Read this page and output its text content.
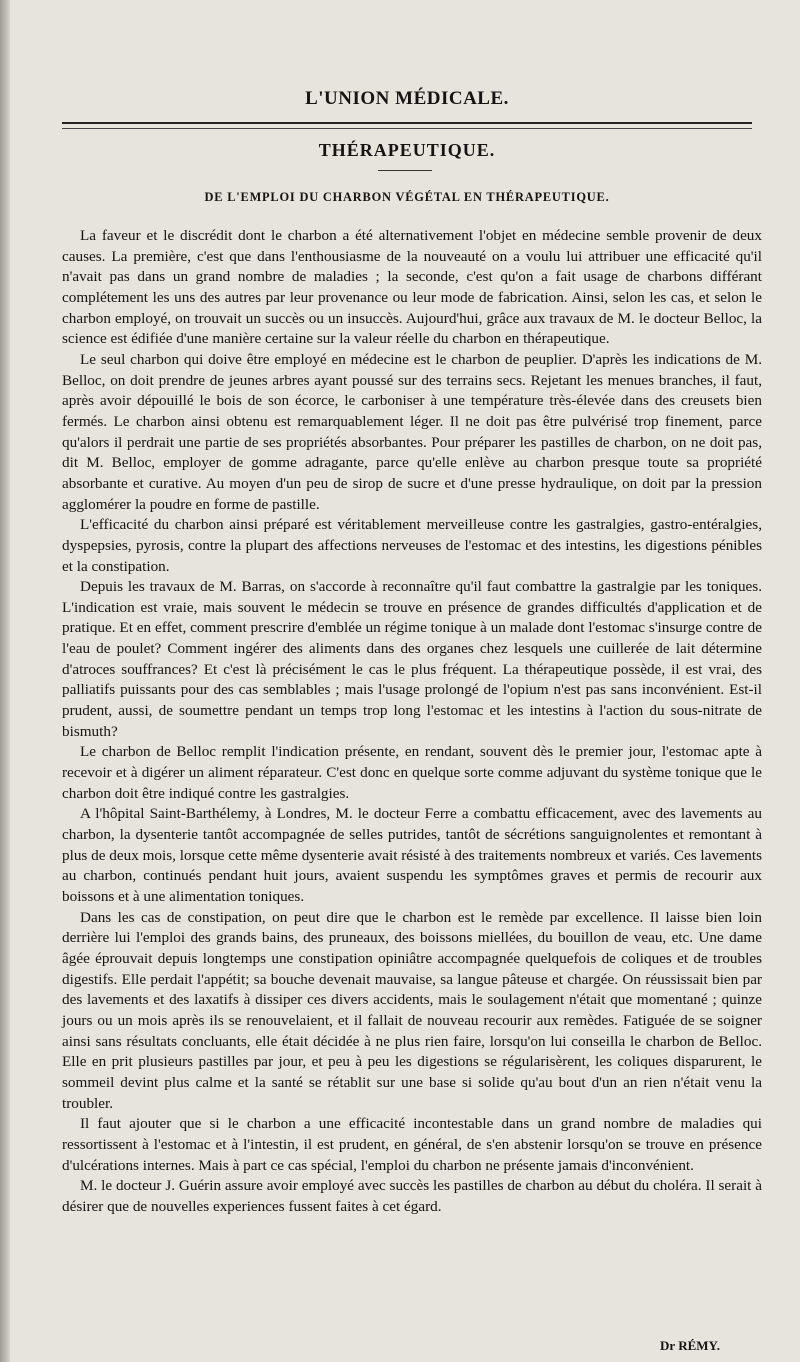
L'UNION MÉDICALE.
THÉRAPEUTIQUE.
DE L'EMPLOI DU CHARBON VÉGÉTAL EN THÉRAPEUTIQUE.

La faveur et le discrédit dont le charbon a été alternativement l'objet en médecine semble provenir de deux causes. La première, c'est que dans l'enthousiasme de la nouveauté on a voulu lui attribuer une efficacité qu'il n'avait pas dans un grand nombre de maladies ; la seconde, c'est qu'on a fait usage de charbons différant complétement les uns des autres par leur provenance ou leur mode de fabrication. Ainsi, selon les cas, et selon le charbon employé, on trouvait un succès ou un insuccès. Aujourd'hui, grâce aux travaux de M. le docteur Belloc, la science est édifiée d'une manière certaine sur la valeur réelle du charbon en thérapeutique.

Le seul charbon qui doive être employé en médecine est le charbon de peuplier. D'après les indications de M. Belloc, on doit prendre de jeunes arbres ayant poussé sur des terrains secs. Rejetant les menues branches, il faut, après avoir dépouillé le bois de son écorce, le carboniser à une température très-élevée dans des creusets bien fermés. Le charbon ainsi obtenu est remarquablement léger. Il ne doit pas être pulvérisé trop finement, parce qu'alors il perdrait une partie de ses propriétés absorbantes. Pour préparer les pastilles de charbon, on ne doit pas, dit M. Belloc, employer de gomme adragante, parce qu'elle enlève au charbon presque toute sa propriété absorbante et curative. Au moyen d'un peu de sirop de sucre et d'une presse hydraulique, on doit par la pression agglomérer la poudre en forme de pastille.

L'efficacité du charbon ainsi préparé est véritablement merveilleuse contre les gastralgies, gastro-entéralgies, dyspepsies, pyrosis, contre la plupart des affections nerveuses de l'estomac et des intestins, les digestions pénibles et la constipation.

Depuis les travaux de M. Barras, on s'accorde à reconnaître qu'il faut combattre la gastralgie par les toniques. L'indication est vraie, mais souvent le médecin se trouve en présence de grandes difficultés d'application et de pratique. Et en effet, comment prescrire d'emblée un régime tonique à un malade dont l'estomac s'insurge contre de l'eau de poulet? Comment ingérer des aliments dans des organes chez lesquels une cuillerée de lait détermine d'atroces souffrances? Et c'est là précisément le cas le plus fréquent. La thérapeutique possède, il est vrai, des palliatifs puissants pour des cas semblables ; mais l'usage prolongé de l'opium n'est pas sans inconvénient. Est-il prudent, aussi, de soumettre pendant un temps trop long l'estomac et les intestins à l'action du sous-nitrate de bismuth?

Le charbon de Belloc remplit l'indication présente, en rendant, souvent dès le premier jour, l'estomac apte à recevoir et à digérer un aliment réparateur. C'est donc en quelque sorte comme adjuvant du système tonique que le charbon doit être indiqué contre les gastralgies.

A l'hôpital Saint-Barthélemy, à Londres, M. le docteur Ferre a combattu efficacement, avec des lavements au charbon, la dysenterie tantôt accompagnée de selles putrides, tantôt de sécrétions sanguignolentes et remontant à plus de deux mois, lorsque cette même dysenterie avait résisté à des traitements nombreux et variés. Ces lavements au charbon, continués pendant huit jours, avaient suspendu les symptômes graves et permis de recourir aux boissons et à une alimentation toniques.

Dans les cas de constipation, on peut dire que le charbon est le remède par excellence. Il laisse bien loin derrière lui l'emploi des grands bains, des pruneaux, des boissons miellées, du bouillon de veau, etc. Une dame âgée éprouvait depuis longtemps une constipation opiniâtre accompagnée quelquefois de coliques et de troubles digestifs. Elle perdait l'appétit; sa bouche devenait mauvaise, sa langue pâteuse et chargée. On réussissait bien par des lavements et des laxatifs à dissiper ces divers accidents, mais le soulagement n'était que momentané ; quinze jours ou un mois après ils se renouvelaient, et il fallait de nouveau recourir aux remèdes. Fatiguée de se soigner ainsi sans résultats concluants, elle était décidée à ne plus rien faire, lorsqu'on lui conseilla le charbon de Belloc. Elle en prit plusieurs pastilles par jour, et peu à peu les digestions se régularisèrent, les coliques disparurent, le sommeil devint plus calme et la santé se rétablit sur une base si solide qu'au bout d'un an rien n'était venu la troubler.

Il faut ajouter que si le charbon a une efficacité incontestable dans un grand nombre de maladies qui ressortissent à l'estomac et à l'intestin, il est prudent, en général, de s'en abstenir lorsqu'on se trouve en présence d'ulcérations internes. Mais à part ce cas spécial, l'emploi du charbon ne présente jamais d'inconvénient.

M. le docteur J. Guérin assure avoir employé avec succès les pastilles de charbon au début du choléra. Il serait à désirer que de nouvelles experiences fussent faites à cet égard.

Dr RÉMY.
